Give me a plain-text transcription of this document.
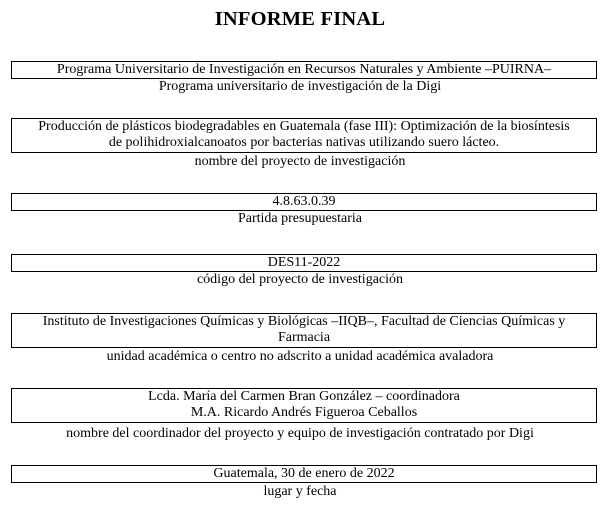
INFORME FINAL
Programa Universitario de Investigación en Recursos Naturales y Ambiente –PUIRNA–
Programa universitario de investigación de la Digi
Producción de plásticos biodegradables en Guatemala (fase III): Optimización de la biosíntesis
de polihidroxialcanoatos por bacterias nativas utilizando suero lácteo.
nombre del proyecto de investigación
4.8.63.0.39
Partida presupuestaria
DES11-2022
código del proyecto de investigación
Instituto de Investigaciones Químicas y Biológicas –IIQB–, Facultad de Ciencias Químicas y
Farmacia
unidad académica o centro no adscrito a unidad académica avaladora
Lcda. María del Carmen Bran González – coordinadora
M.A. Ricardo Andrés Figueroa Ceballos
nombre del coordinador del proyecto y equipo de investigación contratado por Digi
Guatemala, 30 de enero de 2022
lugar y fecha
